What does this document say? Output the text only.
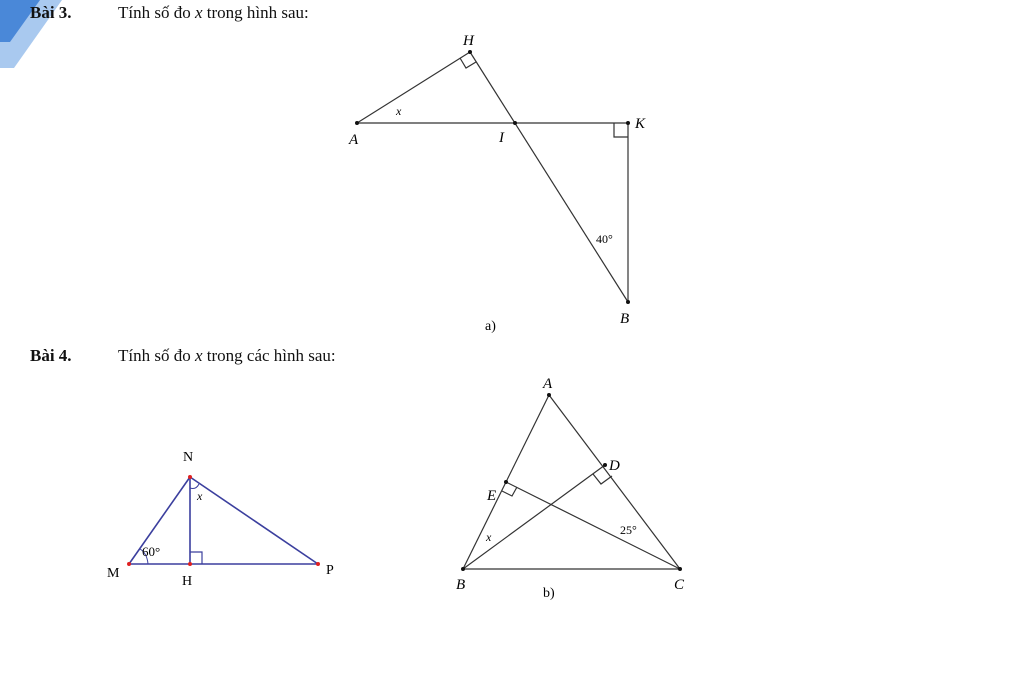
Bài 3.	Tính số đo x trong hình sau:
Bài 4.	Tính số đo x trong các hình sau:
H
A	I
K
B
x
40°
a)
N
M
H
P
x
60°
A
D
E
B	C
x	25°
b)
